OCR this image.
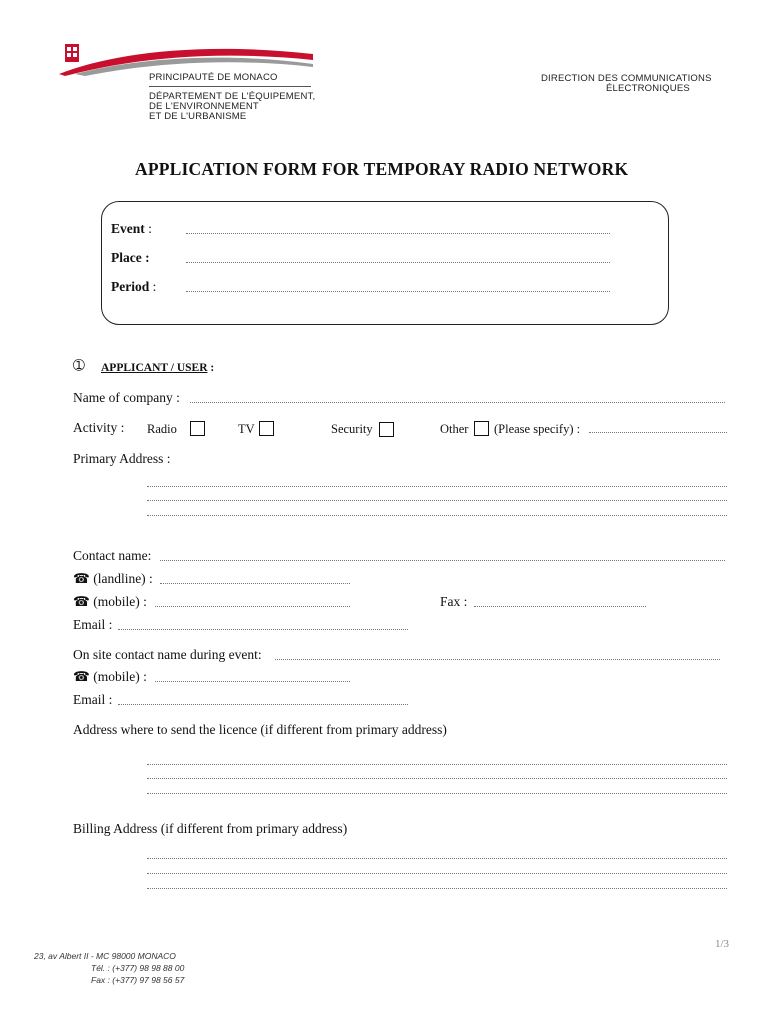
PRINCIPAUTÉ DE MONACO
DÉPARTEMENT DE L'ÉQUIPEMENT,
DE L'ENVIRONNEMENT
ET DE L'URBANISME
DIRECTION DES COMMUNICATIONS
ÉLECTRONIQUES
APPLICATION FORM FOR TEMPORAY RADIO NETWORK
Event :
Place :
Period :
➀ APPLICANT / USER :
Name of company :
Activity : Radio	TV	Security	Other (Please specify) :
Primary Address :
Contact name:
☎ (landline) :
☎ (mobile) :	Fax :
Email :
On site contact name during event:
☎ (mobile) :
Email :
Address where to send the licence (if different from primary address)
Billing Address (if different from primary address)
1/3
23, av Albert II - MC 98000 MONACO
Tél. : (+377) 98 98 88 00
Fax : (+377) 97 98 56 57
